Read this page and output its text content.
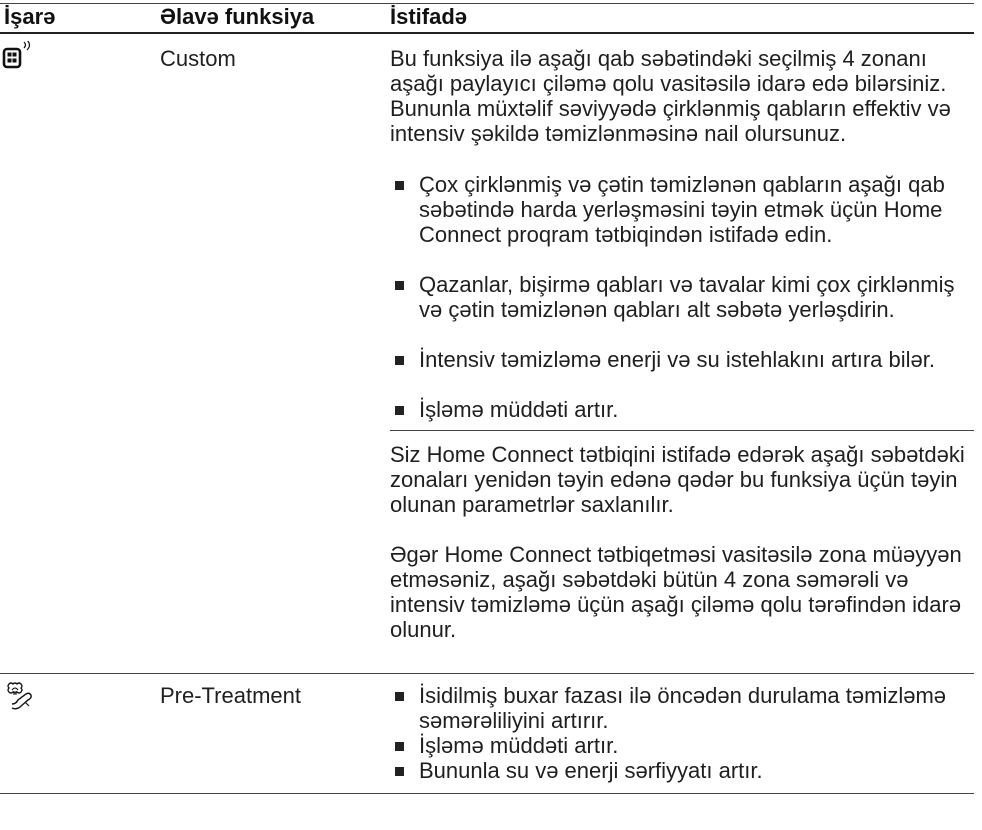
İşarə	Əlavə funksiya	İstifadə
Custom	Bu funksiya ilə aşağı qab səbətindəki seçilmiş 4 zonanı aşağı paylayıcı çiləmə qolu vasitəsilə idarə edə bilərsiniz. Bununla müxtəlif səviyyədə çirklənmiş qabların effektiv və intensiv şəkildə təmizlənməsinə nail olursunuz.

Çox çirklənmiş və çətin təmizlənən qabların aşağı qab səbətində harda yerləşməsini təyin etmək üçün Home Connect proqram tətbiqindən istifadə edin.
Qazanlar, bişirmə qabları və tavalar kimi çox çirklənmiş və çətin təmizlənən qabları alt səbətə yerləşdirin.
İntensiv təmizləmə enerji və su istehlakını artıra bilər.
İşləmə müddəti artır.

Siz Home Connect tətbiqini istifadə edərək aşağı səbətdəki zonaları yenidən təyin edənə qədər bu funksiya üçün təyin olunan parametrlər saxlanılır.

Əgər Home Connect tətbiqetməsi vasitəsilə zona müəyyən etməsəniz, aşağı səbətdəki bütün 4 zona səmərəli və intensiv təmizləmə üçün aşağı çiləmə qolu tərəfindən idarə olunur.

Pre-Treatment	İsidilmiş buxar fazası ilə öncədən durulama təmizləmə səmərəliliyini artırır.
İşləmə müddəti artır.
Bununla su və enerji sərfiyyatı artır.
